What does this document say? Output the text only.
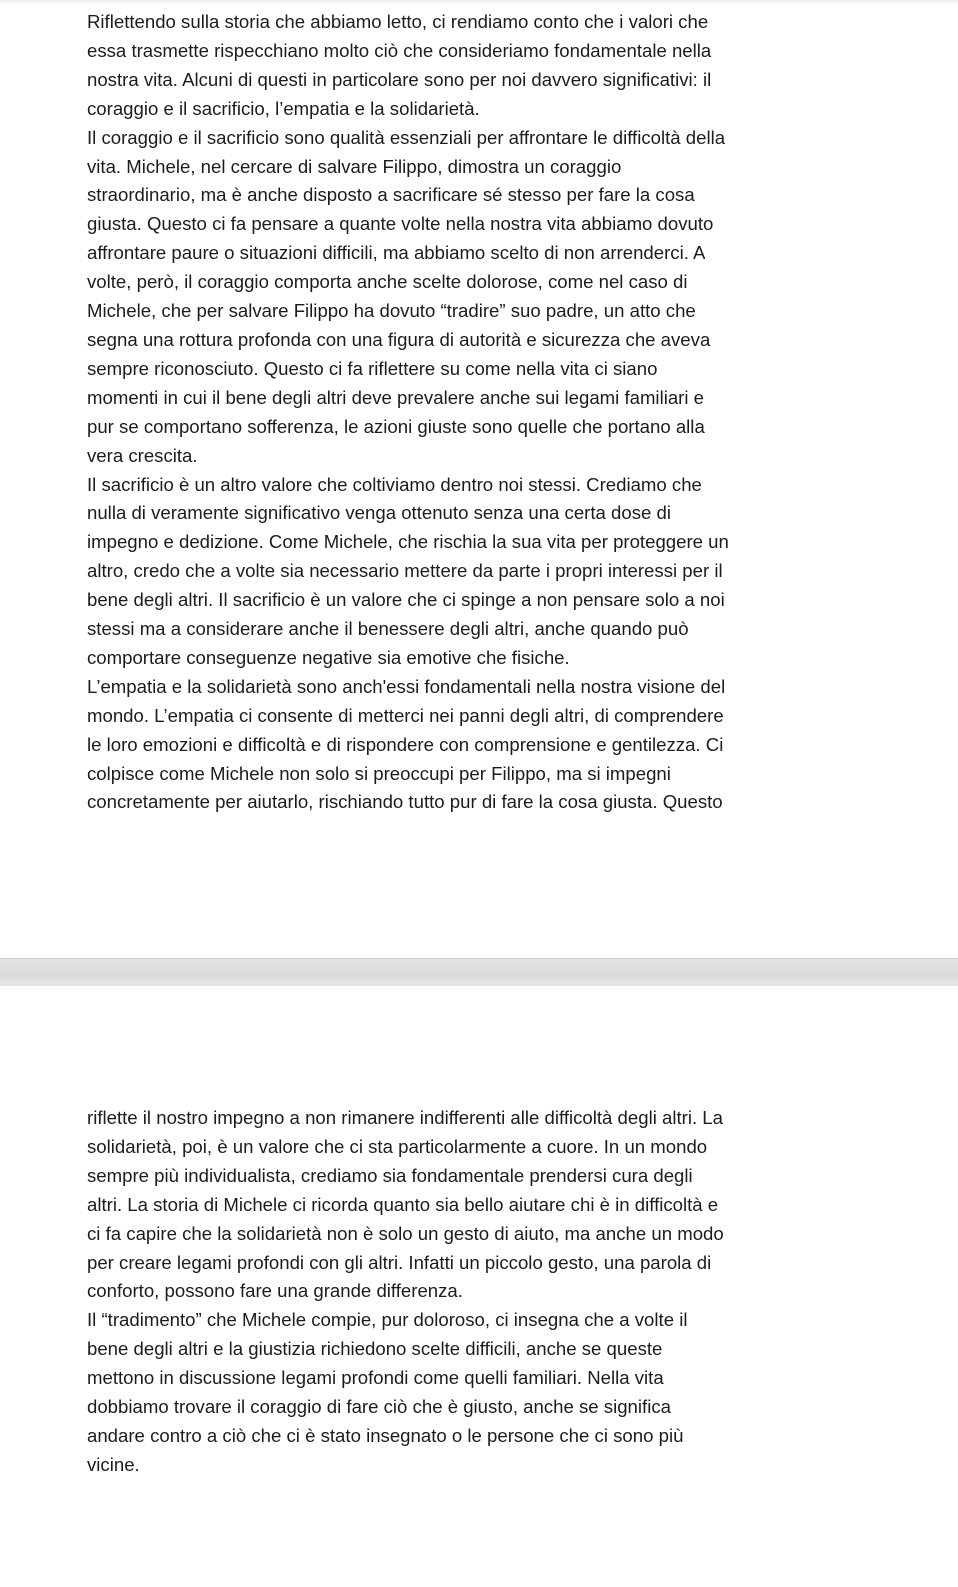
Riflettendo sulla storia che abbiamo letto, ci rendiamo conto che i valori che
essa trasmette rispecchiano molto ciò che consideriamo fondamentale nella
nostra vita. Alcuni di questi in particolare sono per noi davvero significativi: il
coraggio e il sacrificio, l’empatia e la solidarietà.
Il coraggio e il sacrificio sono qualità essenziali per affrontare le difficoltà della
vita. Michele, nel cercare di salvare Filippo, dimostra un coraggio
straordinario, ma è anche disposto a sacrificare sé stesso per fare la cosa
giusta. Questo ci fa pensare a quante volte nella nostra vita abbiamo dovuto
affrontare paure o situazioni difficili, ma abbiamo scelto di non arrenderci. A
volte, però, il coraggio comporta anche scelte dolorose, come nel caso di
Michele, che per salvare Filippo ha dovuto “tradire” suo padre, un atto che
segna una rottura profonda con una figura di autorità e sicurezza che aveva
sempre riconosciuto. Questo ci fa riflettere su come nella vita ci siano
momenti in cui il bene degli altri deve prevalere anche sui legami familiari e
pur se comportano sofferenza, le azioni giuste sono quelle che portano alla
vera crescita.
Il sacrificio è un altro valore che coltiviamo dentro noi stessi. Crediamo che
nulla di veramente significativo venga ottenuto senza una certa dose di
impegno e dedizione. Come Michele, che rischia la sua vita per proteggere un
altro, credo che a volte sia necessario mettere da parte i propri interessi per il
bene degli altri. Il sacrificio è un valore che ci spinge a non pensare solo a noi
stessi ma a considerare anche il benessere degli altri, anche quando può
comportare conseguenze negative sia emotive che fisiche.
L’empatia e la solidarietà sono anch'essi fondamentali nella nostra visione del
mondo. L’empatia ci consente di metterci nei panni degli altri, di comprendere
le loro emozioni e difficoltà e di rispondere con comprensione e gentilezza. Ci
colpisce come Michele non solo si preoccupi per Filippo, ma si impegni
concretamente per aiutarlo, rischiando tutto pur di fare la cosa giusta. Questo
riflette il nostro impegno a non rimanere indifferenti alle difficoltà degli altri. La
solidarietà, poi, è un valore che ci sta particolarmente a cuore. In un mondo
sempre più individualista, crediamo sia fondamentale prendersi cura degli
altri. La storia di Michele ci ricorda quanto sia bello aiutare chi è in difficoltà e
ci fa capire che la solidarietà non è solo un gesto di aiuto, ma anche un modo
per creare legami profondi con gli altri. Infatti un piccolo gesto, una parola di
conforto, possono fare una grande differenza.
Il “tradimento” che Michele compie, pur doloroso, ci insegna che a volte il
bene degli altri e la giustizia richiedono scelte difficili, anche se queste
mettono in discussione legami profondi come quelli familiari. Nella vita
dobbiamo trovare il coraggio di fare ciò che è giusto, anche se significa
andare contro a ciò che ci è stato insegnato o le persone che ci sono più
vicine.
